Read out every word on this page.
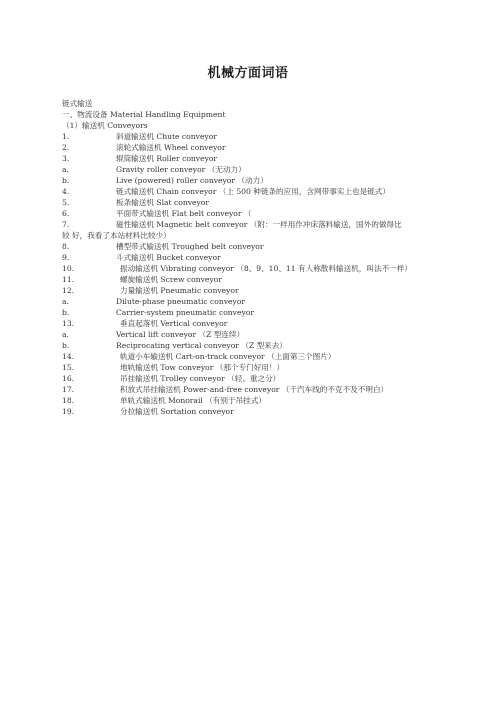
机械方面词语
链式输送
一、物流设备 Material Handling Equipment
（1）输送机 Conveyors
1.	斜道输送机 Chute conveyor
2.	滚轮式输送机 Wheel conveyor
3.	辊筒输送机 Roller conveyor
a.	Gravity roller conveyor （无动力）
b.	Live (powered) roller conveyor （动力）
4.	链式输送机 Chain conveyor （上 500 种链条的应用，含网带事实上也是链式）
5.	板条输送机 Slat conveyor
6.	平面带式输送机 Flat belt conveyor （
7.	磁性输送机 Magnetic belt conveyor （附：一样用作冲床落料输送，国外的做得比
较 好，我看了本站材料比较少）
8.	槽型带式输送机 Troughed belt conveyor
9.	斗式输送机 Bucket conveyor
10.	振动输送机 Vibrating conveyor （8、9、10、11 有人称散料输送机，叫法不一样）
11.	螺旋输送机 Screw conveyor
12.	力量输送机 Pneumatic conveyor
a.	Dilute-phase pneumatic conveyor
b.	Carrier-system pneumatic conveyor
13.	垂直起落机 Vertical conveyor
a.	Vertical lift conveyor （Z 型连续）
b.	Reciprocating vertical conveyor （Z 型来去）
14.	轨道小车输送机 Cart-on-track conveyor （上面第三个图片）
15.	地轨输送机 Tow conveyor （那个专门好用！）
16.	吊挂输送机 Trolley conveyor （轻、重之分）
17.	积放式吊挂输送机 Power-and-free conveyor （干汽车线的不克不及不明白）
18.	单轨式输送机 Monorail （有别于吊挂式）
19.	分拉输送机 Sortation conveyor
